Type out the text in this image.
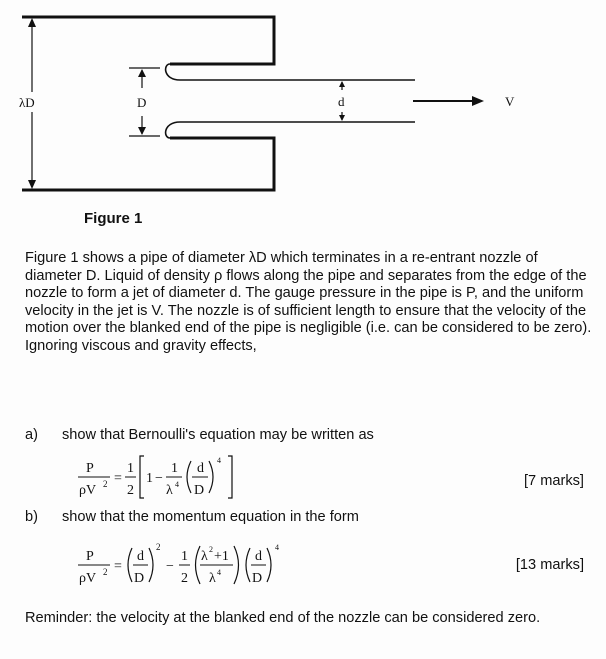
λD	D	d	V
Figure 1
Figure 1 shows a pipe of diameter λD which terminates in a re-entrant nozzle of diameter D. Liquid of density ρ flows along the pipe and separates from the edge of the nozzle to form a jet of diameter d. The gauge pressure in the pipe is P, and the uniform velocity in the jet is V. The nozzle is of sufficient length to ensure that the velocity of the motion over the blanked end of the pipe is negligible (i.e. can be considered to be zero). Ignoring viscous and gravity effects,
a) show that Bernoulli's equation may be written as
P
ρV 2 =
1
2
1 −
1
λ 4
d
D
4
[7 marks]
b) show that the momentum equation in the form
P
ρV 2 =
d
D
2
−
1
2
λ 2 +1
λ 4
d
D
4
[13 marks]
Reminder: the velocity at the blanked end of the nozzle can be considered zero.
